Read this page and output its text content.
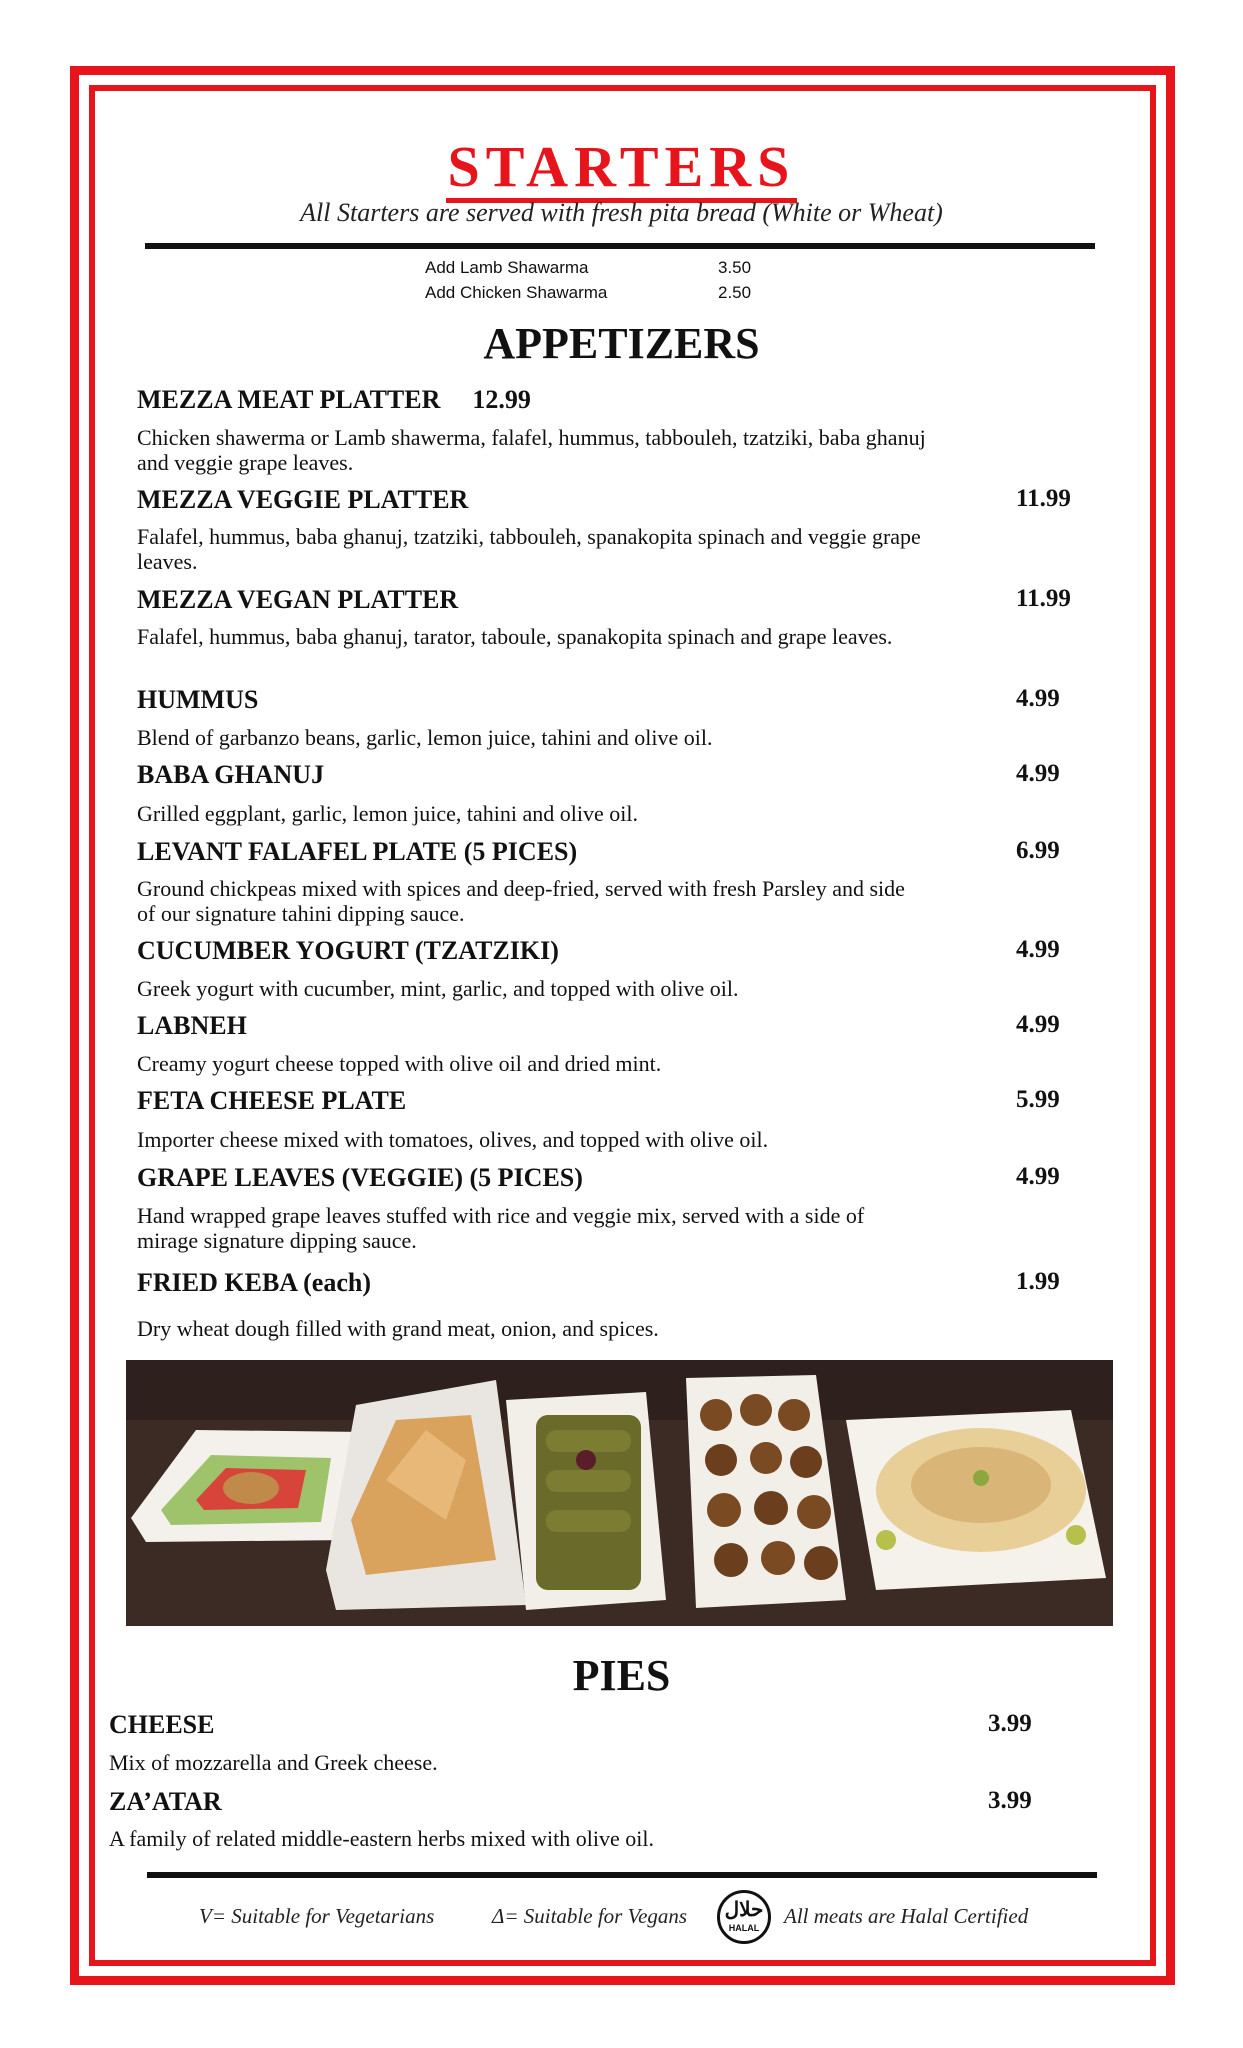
STARTERS
All Starters are served with fresh pita bread (White or Wheat)
Add Lamb Shawarma	3.50
Add Chicken Shawarma	2.50
APPETIZERS
MEZZA MEAT PLATTER 12.99
Chicken shawerma or Lamb shawerma, falafel, hummus, tabbouleh, tzatziki, baba ghanuj and veggie grape leaves.
MEZZA VEGGIE PLATTER	11.99
Falafel, hummus, baba ghanuj, tzatziki, tabbouleh, spanakopita spinach and veggie grape leaves.
MEZZA VEGAN PLATTER	11.99
Falafel, hummus, baba ghanuj, tarator, taboule, spanakopita spinach and grape leaves.
HUMMUS	4.99
Blend of garbanzo beans, garlic, lemon juice, tahini and olive oil.
BABA GHANUJ	4.99
Grilled eggplant, garlic, lemon juice, tahini and olive oil.
LEVANT FALAFEL PLATE (5 PICES)	6.99
Ground chickpeas mixed with spices and deep-fried, served with fresh Parsley and side of our signature tahini dipping sauce.
CUCUMBER YOGURT (TZATZIKI)	4.99
Greek yogurt with cucumber, mint, garlic, and topped with olive oil.
LABNEH	4.99
Creamy yogurt cheese topped with olive oil and dried mint.
FETA CHEESE PLATE	5.99
Importer cheese mixed with tomatoes, olives, and topped with olive oil.
GRAPE LEAVES (VEGGIE) (5 PICES)	4.99
Hand wrapped grape leaves stuffed with rice and veggie mix, served with a side of mirage signature dipping sauce.
FRIED KEBA (each)	1.99
Dry wheat dough filled with grand meat, onion, and spices.
PIES
CHEESE	3.99
Mix of mozzarella and Greek cheese.
ZA’ATAR	3.99
A family of related middle-eastern herbs mixed with olive oil.
V= Suitable for Vegetarians	Δ= Suitable for Vegans حلال
HALAL	All meats are Halal Certified
